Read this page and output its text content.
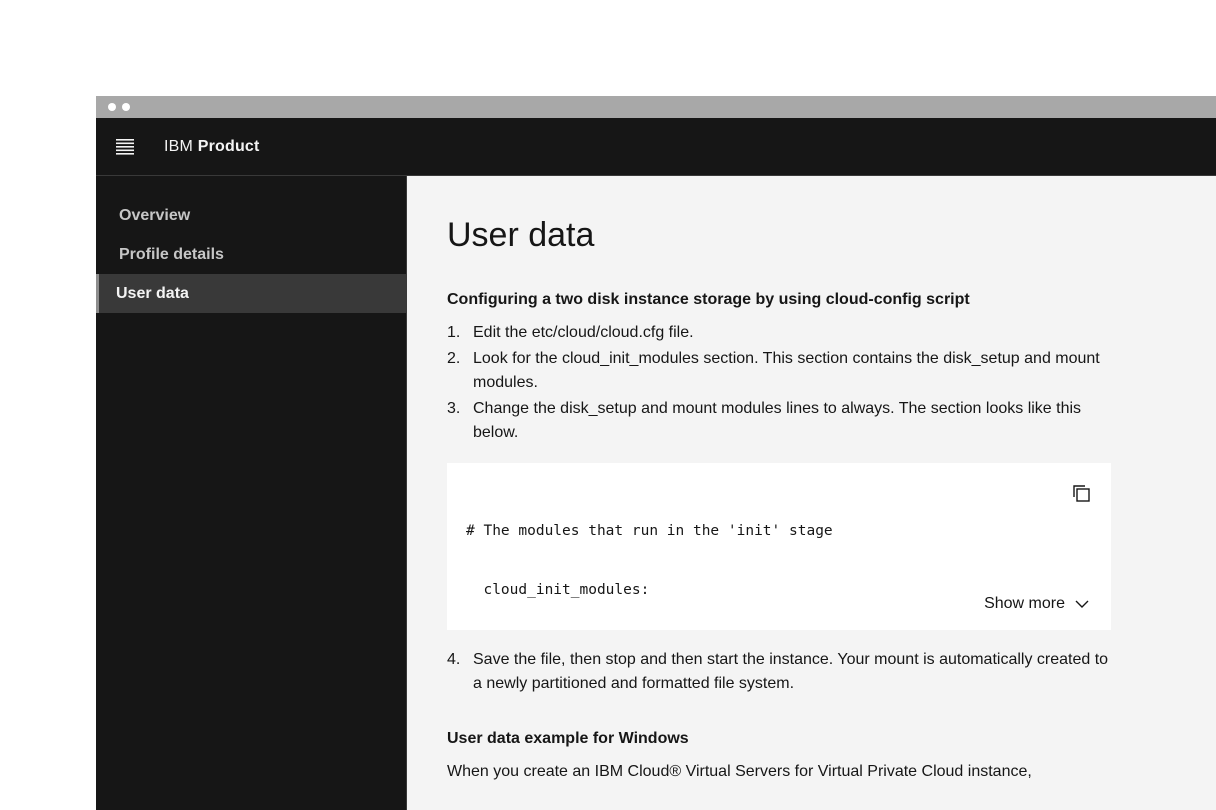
IBM Product
Overview
Profile details
User data
User data
Configuring a two disk instance storage by using cloud-config script
1. Edit the etc/cloud/cloud.cfg file.
2. Look for the cloud_init_modules section. This section contains the disk_setup and mount modules.
3. Change the disk_setup and mount modules lines to always. The section looks like this below.

# The modules that run in the 'init' stage

cloud_init_modules:

Show more
4. Save the file, then stop and then start the instance. Your mount is automatically created to a newly partitioned and formatted file system.
User data example for Windows

When you create an IBM Cloud® Virtual Servers for Virtual Private Cloud instance,
